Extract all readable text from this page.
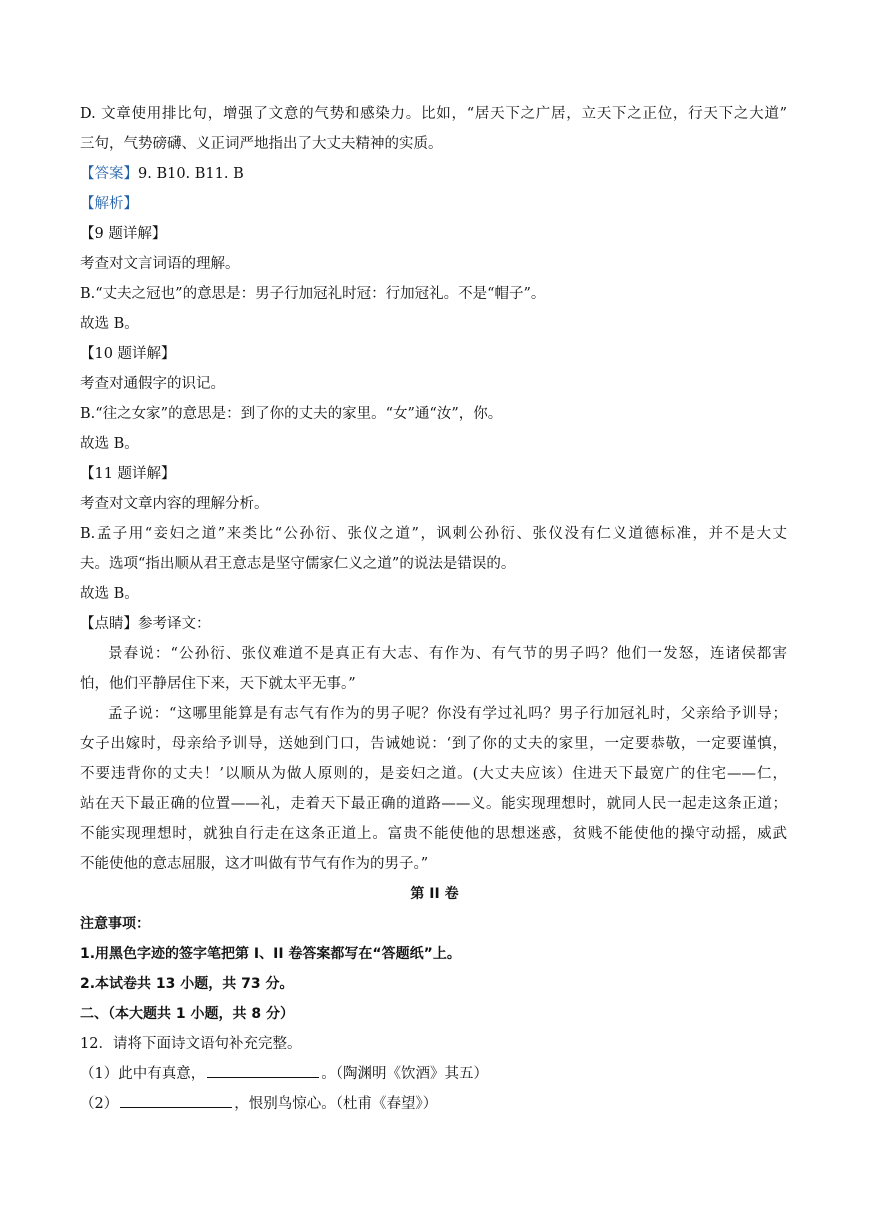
D. 文章使用排比句，增强了文意的气势和感染力。比如，“居天下之广居，立天下之正位，行天下之大道”
三句，气势磅礴、义正词严地指出了大丈夫精神的实质。
【答案】9. B10. B11. B
【解析】
【9 题详解】
考查对文言词语的理解。
B.“丈夫之冠也”的意思是：男子行加冠礼时冠：行加冠礼。不是“帽子”。
故选 B。
【10 题详解】
考查对通假字的识记。
B.“往之女家”的意思是：到了你的丈夫的家里。“女”通“汝”，你。
故选 B。
【11 题详解】
考查对文章内容的理解分析。
B.孟子用“妾妇之道”来类比“公孙衍、张仪之道”，讽刺公孙衍、张仪没有仁义道德标准，并不是大丈
夫。选项“指出顺从君王意志是坚守儒家仁义之道”的说法是错误的。
故选 B。
【点睛】参考译文：
景春说：“公孙衍、张仪难道不是真正有大志、有作为、有气节的男子吗？他们一发怒，连诸侯都害
怕，他们平静居住下来，天下就太平无事。”
孟子说：“这哪里能算是有志气有作为的男子呢？你没有学过礼吗？男子行加冠礼时，父亲给予训导；
女子出嫁时，母亲给予训导，送她到门口，告诫她说：‘到了你的丈夫的家里，一定要恭敬，一定要谨慎，
不要违背你的丈夫！’以顺从为做人原则的，是妾妇之道。(大丈夫应该）住进天下最宽广的住宅——仁，
站在天下最正确的位置——礼，走着天下最正确的道路——义。能实现理想时，就同人民一起走这条正道；
不能实现理想时，就独自行走在这条正道上。富贵不能使他的思想迷惑，贫贱不能使他的操守动摇，威武
不能使他的意志屈服，这才叫做有节气有作为的男子。”
第 II 卷
注意事项：
1.用黑色字迹的签字笔把第 I、II 卷答案都写在“答题纸”上。
2.本试卷共 13 小题，共 73 分。
二、（本大题共 1 小题，共 8 分）
12．请将下面诗文语句补充完整。
（1）此中有真意，	。（陶渊明《饮酒》其五）
（2）	，恨别鸟惊心。（杜甫《春望》）
